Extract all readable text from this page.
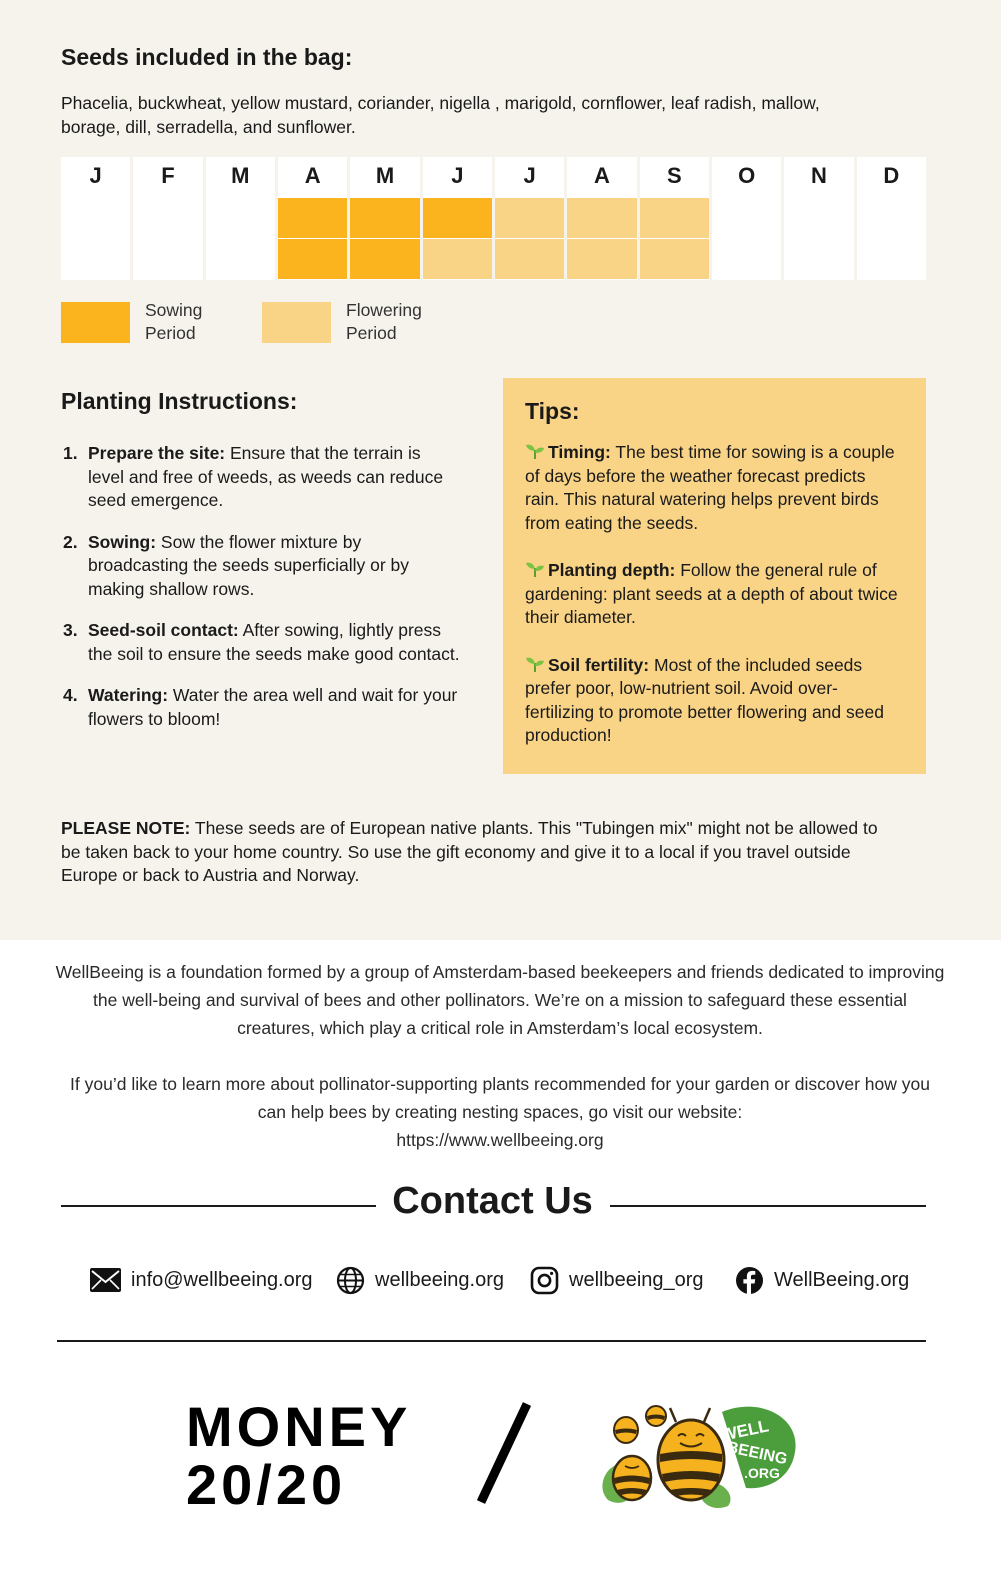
Seeds included in the bag:

Phacelia, buckwheat, yellow mustard, coriander, nigella , marigold, cornflower, leaf radish, mallow, borage, dill, serradella, and sunflower.

J	F	M	A	M	J	J	A	S	O	N	D
Sowing Period
Flowering Period
Planting Instructions:
1. Prepare the site: Ensure that the terrain is level and free of weeds, as weeds can reduce seed emergence.
2. Sowing: Sow the flower mixture by broadcasting the seeds superficially or by making shallow rows.
3. Seed-soil contact: After sowing, lightly press the soil to ensure the seeds make good contact.
4. Watering: Water the area well and wait for your flowers to bloom!
Tips:

Timing: The best time for sowing is a couple of days before the weather forecast predicts rain. This natural watering helps prevent birds from eating the seeds.

Planting depth: Follow the general rule of gardening: plant seeds at a depth of about twice their diameter.

Soil fertility: Most of the included seeds prefer poor, low-nutrient soil. Avoid over-fertilizing to promote better flowering and seed production!

PLEASE NOTE: These seeds are of European native plants. This "Tubingen mix" might not be allowed to be taken back to your home country. So use the gift economy and give it to a local if you travel outside Europe or back to Austria and Norway.

WellBeeing is a foundation formed by a group of Amsterdam-based beekeepers and friends dedicated to improving the well-being and survival of bees and other pollinators. We’re on a mission to safeguard these essential creatures, which play a critical role in Amsterdam’s local ecosystem.

If you’d like to learn more about pollinator-supporting plants recommended for your garden or discover how you can help bees by creating nesting spaces, go visit our website:
https://www.wellbeeing.org

Contact Us
info@wellbeeing.org	wellbeeing.org	wellbeeing_org	WellBeeing.org
MONEY
20/20
WELL
BEEING
.ORG
